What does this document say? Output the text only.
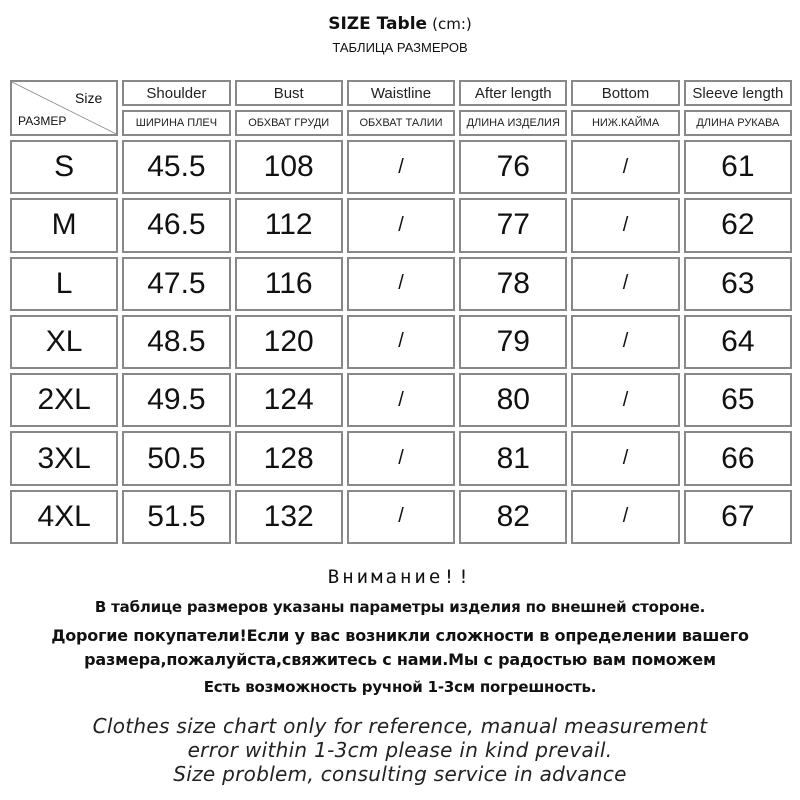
SIZE Table (cm:)
ТАБЛИЦА РАЗМЕРОВ
Size
РАЗМЕР	Shoulder	Bust	Waistline	After length	Bottom	Sleeve length
	ШИРИНА ПЛЕЧ	ОБХВАТ ГРУДИ	ОБХВАТ ТАЛИИ	ДЛИНА ИЗДЕЛИЯ	НИЖ.КАЙМА	ДЛИНА РУКАВА
S	45.5	108	/	76	/	61
M	46.5	112	/	77	/	62
L	47.5	116	/	78	/	63
XL	48.5	120	/	79	/	64
2XL	49.5	124	/	80	/	65
3XL	50.5	128	/	81	/	66
4XL	51.5	132	/	82	/	67
Внимание!!
В таблице размеров указаны параметры изделия по внешней стороне.
Дорогие покупатели!Если у вас возникли сложности в определении вашего
размера,пожалуйста,свяжитесь с нами.Мы с радостью вам поможем
Есть возможность ручной 1-3см погрешность.
Clothes size chart only for reference, manual measurement
error within 1-3cm please in kind prevail.
Size problem, consulting service in advance
